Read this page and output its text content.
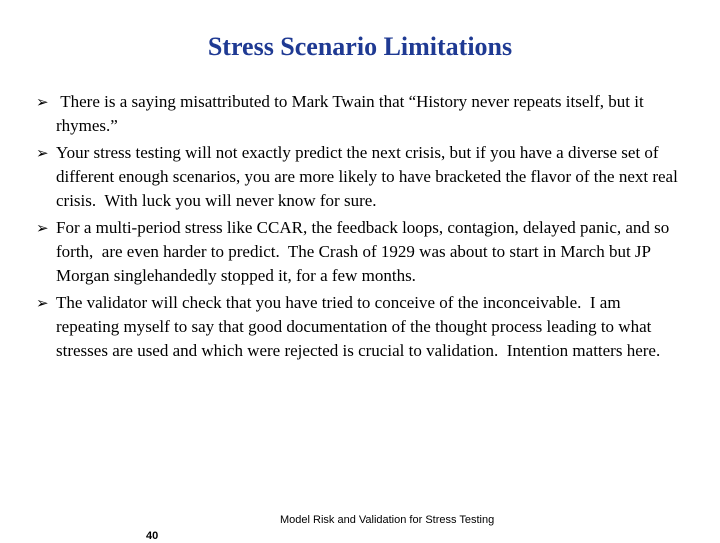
Stress Scenario Limitations
➢ There is a saying misattributed to Mark Twain that “History never repeats itself, but it rhymes.”
➢ Your stress testing will not exactly predict the next crisis, but if you have a diverse set of different enough scenarios, you are more likely to have bracketed the flavor of the next real crisis.  With luck you will never know for sure.
➢ For a multi-period stress like CCAR, the feedback loops, contagion, delayed panic, and so forth,  are even harder to predict.  The Crash of 1929 was about to start in March but JP Morgan singlehandedly stopped it, for a few months.
➢ The validator will check that you have tried to conceive of the inconceivable.  I am repeating myself to say that good documentation of the thought process leading to what stresses are used and which were rejected is crucial to validation.  Intention matters here.
Model Risk and Validation for Stress Testing
40
